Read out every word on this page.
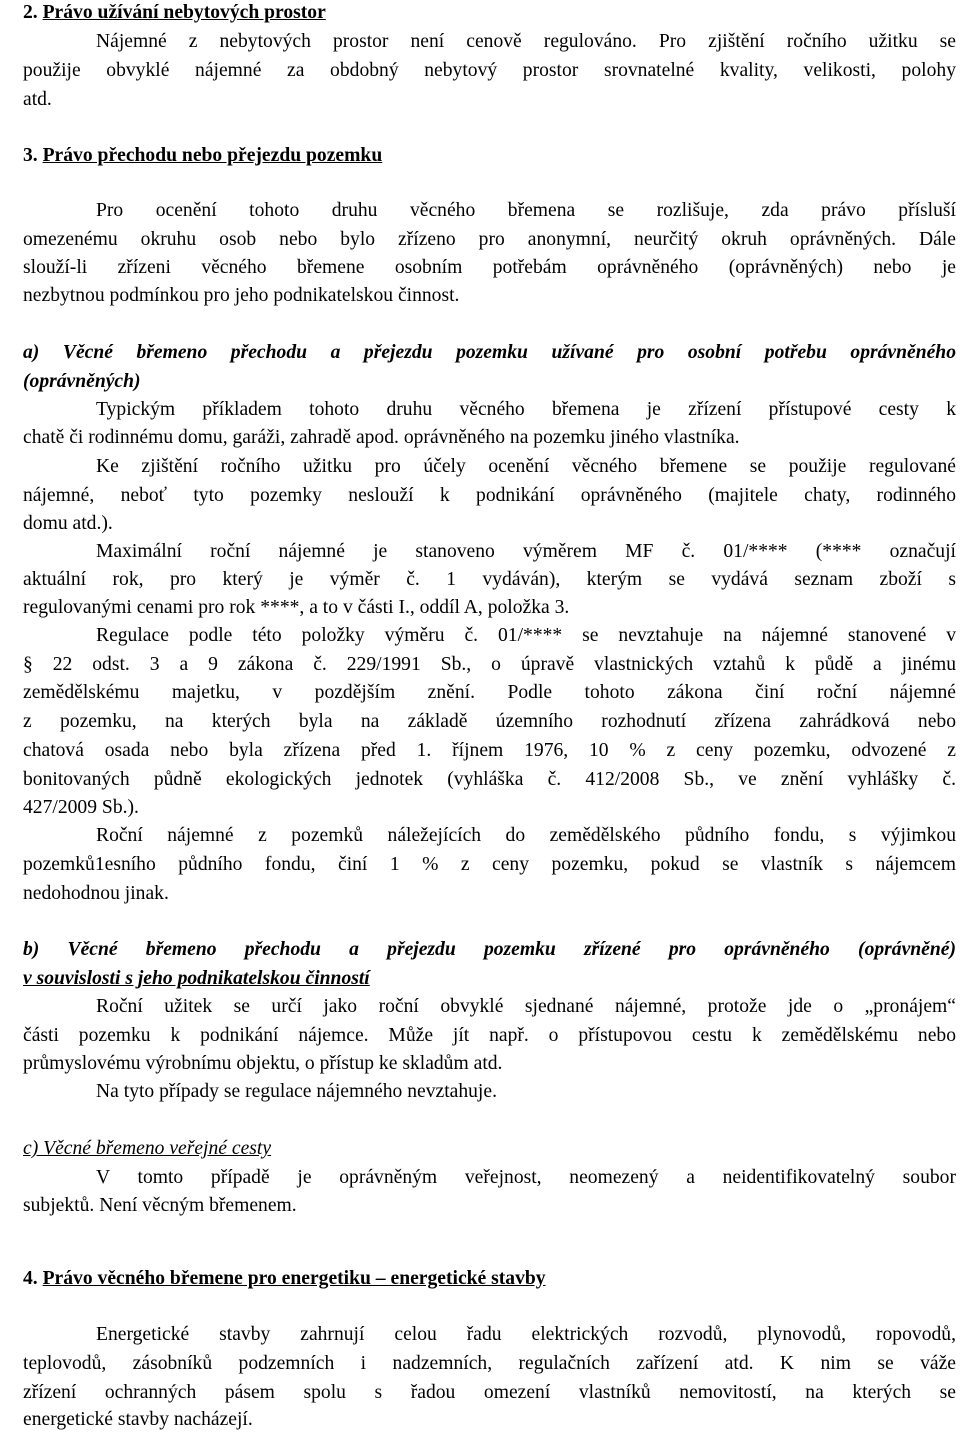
2. Právo užívání nebytových prostor
Nájemné z nebytových prostor není cenově regulováno. Pro zjištění ročního užitku se
použije obvyklé nájemné za obdobný nebytový prostor srovnatelné kvality, velikosti, polohy
atd.
3. Právo přechodu nebo přejezdu pozemku
Pro ocenění tohoto druhu věcného břemena se rozlišuje, zda právo přísluší
omezenému okruhu osob nebo bylo zřízeno pro anonymní, neurčitý okruh oprávněných. Dále
slouží-li zřízeni věcného břemene osobním potřebám oprávněného (oprávněných) nebo je
nezbytnou podmínkou pro jeho podnikatelskou činnost.
a) Věcné břemeno přechodu a přejezdu pozemku užívané pro osobní potřebu oprávněného
(oprávněných)
Typickým příkladem tohoto druhu věcného břemena je zřízení přístupové cesty k
chatě či rodinnému domu, garáži, zahradě apod. oprávněného na pozemku jiného vlastníka.
Ke zjištění ročního užitku pro účely ocenění věcného břemene se použije regulované
nájemné, neboť tyto pozemky neslouží k podnikání oprávněného (majitele chaty, rodinného
domu atd.).
Maximální roční nájemné je stanoveno výměrem MF č. 01/**** (**** označují
aktuální rok, pro který je výměr č. 1 vydáván), kterým se vydává seznam zboží s
regulovanými cenami pro rok ****, a to v části I., oddíl A, položka 3.
Regulace podle této položky výměru č. 01/**** se nevztahuje na nájemné stanovené v
§ 22 odst. 3 a 9 zákona č. 229/1991 Sb., o úpravě vlastnických vztahů k půdě a jinému
zemědělskému majetku, v pozdějším znění. Podle tohoto zákona činí roční nájemné
z pozemku, na kterých byla na základě územního rozhodnutí zřízena zahrádková nebo
chatová osada nebo byla zřízena před 1. říjnem 1976, 10 % z ceny pozemku, odvozené z
bonitovaných půdně ekologických jednotek (vyhláška č. 412/2008 Sb., ve znění vyhlášky č.
427/2009 Sb.).
Roční nájemné z pozemků náležejících do zemědělského půdního fondu, s výjimkou
pozemků1esního půdního fondu, činí 1 % z ceny pozemku, pokud se vlastník s nájemcem
nedohodnou jinak.
b) Věcné břemeno přechodu a přejezdu pozemku zřízené pro oprávněného (oprávněné)
v souvislosti s jeho podnikatelskou činností
Roční užitek se určí jako roční obvyklé sjednané nájemné, protože jde o „pronájem“
části pozemku k podnikání nájemce. Může jít např. o přístupovou cestu k zemědělskému nebo
průmyslovému výrobnímu objektu, o přístup ke skladům atd.
Na tyto případy se regulace nájemného nevztahuje.
c) Věcné břemeno veřejné cesty
V tomto případě je oprávněným veřejnost, neomezený a neidentifikovatelný soubor
subjektů. Není věcným břemenem.
4. Právo věcného břemene pro energetiku – energetické stavby
Energetické stavby zahrnují celou řadu elektrických rozvodů, plynovodů, ropovodů,
teplovodů, zásobníků podzemních i nadzemních, regulačních zařízení atd. K nim se váže
zřízení ochranných pásem spolu s řadou omezení vlastníků nemovitostí, na kterých se
energetické stavby nacházejí.
